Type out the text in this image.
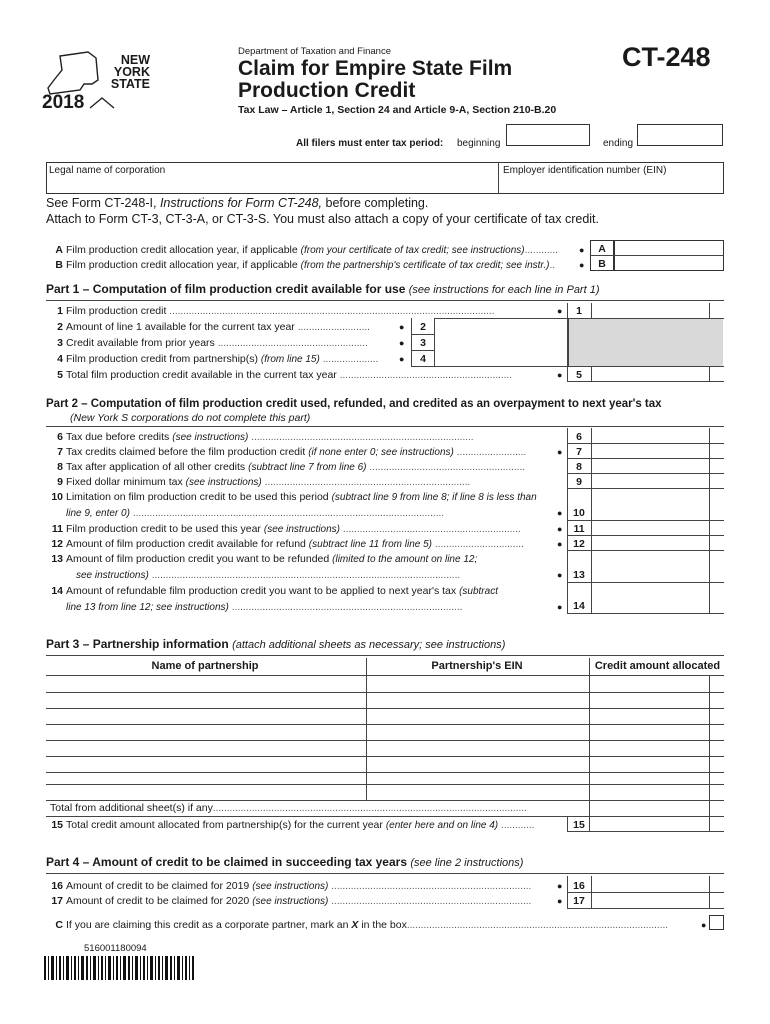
NEW
YORK
STATE
2018
Department of Taxation and Finance
Claim for Empire State Film
Production Credit
Tax Law – Article 1, Section 24 and Article 9-A, Section 210-B.20
CT-248
All filers must enter tax period: beginning	ending
Legal name of corporation	Employer identification number (EIN)
See Form CT-248-I, Instructions for Form CT-248, before completing.
Attach to Form CT-3, CT-3-A, or CT-3-S. You must also attach a copy of your certificate of tax credit.
A Film production credit allocation year, if applicable (from your certificate of tax credit; see instructions)............	●
B Film production credit allocation year, if applicable (from the partnership's certificate of tax credit; see instr.)..	●
A
B
Part 1 – Computation of film production credit available for use (see instructions for each line in Part 1)
1 Film production credit .....................................................................................................................	●	1
2 Amount of line 1 available for the current tax year ..........................	●	2
3 Credit available from prior years ......................................................	●	3
4 Film production credit from partnership(s) (from line 15) ....................	●	4
5 Total film production credit available in the current tax year ..............................................................	●	5
Part 2 – Computation of film production credit used, refunded, and credited as an overpayment to next year's tax
(New York S corporations do not complete this part)
6 Tax due before credits (see instructions) ................................................................................	6
7 Tax credits claimed before the film production credit (if none enter 0; see instructions) .........................	●	7
8 Tax after application of all other credits (subtract line 7 from line 6) ........................................................	8
9 Fixed dollar minimum tax (see instructions) ..........................................................................	9
10 Limitation on film production credit to be used this period (subtract line 9 from line 8; if line 8 is less than
line 9, enter 0) ................................................................................................................	●	10
11 Film production credit to be used this year (see instructions) ................................................................	●	11
12 Amount of film production credit available for refund (subtract line 11 from line 5) ................................	●	12
13 Amount of film production credit you want to be refunded (limited to the amount on line 12;
see instructions) ...............................................................................................................	●	13
14 Amount of refundable film production credit you want to be applied to next year's tax (subtract
line 13 from line 12; see instructions) ...................................................................................	●	14
Part 3 – Partnership information (attach additional sheets as necessary; see instructions)
Name of partnership	Partnership's EIN	Credit amount allocated
Total from additional sheet(s) if any.................................................................................................................
15 Total credit amount allocated from partnership(s) for the current year (enter here and on line 4) ............	15
Part 4 – Amount of credit to be claimed in succeeding tax years (see line 2 instructions)
16 Amount of credit to be claimed for 2019 (see instructions) ........................................................................	●	16
17 Amount of credit to be claimed for 2020 (see instructions) ........................................................................	●	17
C If you are claiming this credit as a corporate partner, mark an X in the box..............................................................................................	●
516001180094
